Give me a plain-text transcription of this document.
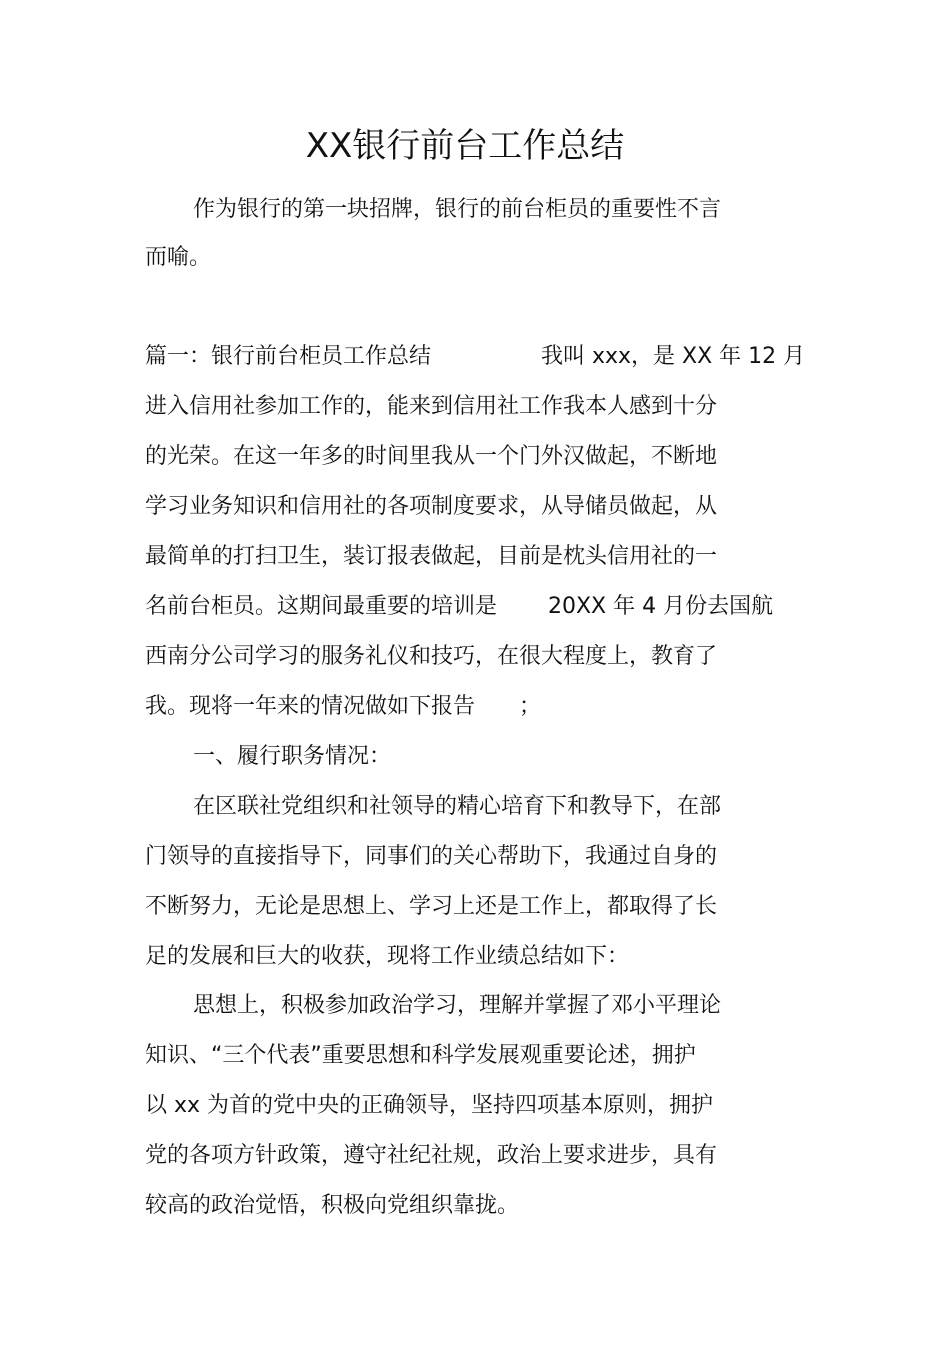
XX银行前台工作总结
作为银行的第一块招牌，银行的前台柜员的重要性不言
而喻。
篇一：银行前台柜员工作总结　　　　　我叫 xxx，是 XX 年 12 月
进入信用社参加工作的，能来到信用社工作我本人感到十分
的光荣。在这一年多的时间里我从一个门外汉做起，不断地
学习业务知识和信用社的各项制度要求，从导储员做起，从
最简单的打扫卫生，装订报表做起，目前是枕头信用社的一
名前台柜员。这期间最重要的培训是　　 20XX 年 4 月份去国航
西南分公司学习的服务礼仪和技巧，在很大程度上，教育了
我。现将一年来的情况做如下报告　　；
一、履行职务情况：
在区联社党组织和社领导的精心培育下和教导下，在部
门领导的直接指导下，同事们的关心帮助下，我通过自身的
不断努力，无论是思想上、学习上还是工作上，都取得了长
足的发展和巨大的收获，现将工作业绩总结如下：
思想上，积极参加政治学习，理解并掌握了邓小平理论
知识、“三个代表”重要思想和科学发展观重要论述，拥护
以 xx 为首的党中央的正确领导，坚持四项基本原则，拥护
党的各项方针政策，遵守社纪社规，政治上要求进步，具有
较高的政治觉悟，积极向党组织靠拢。
